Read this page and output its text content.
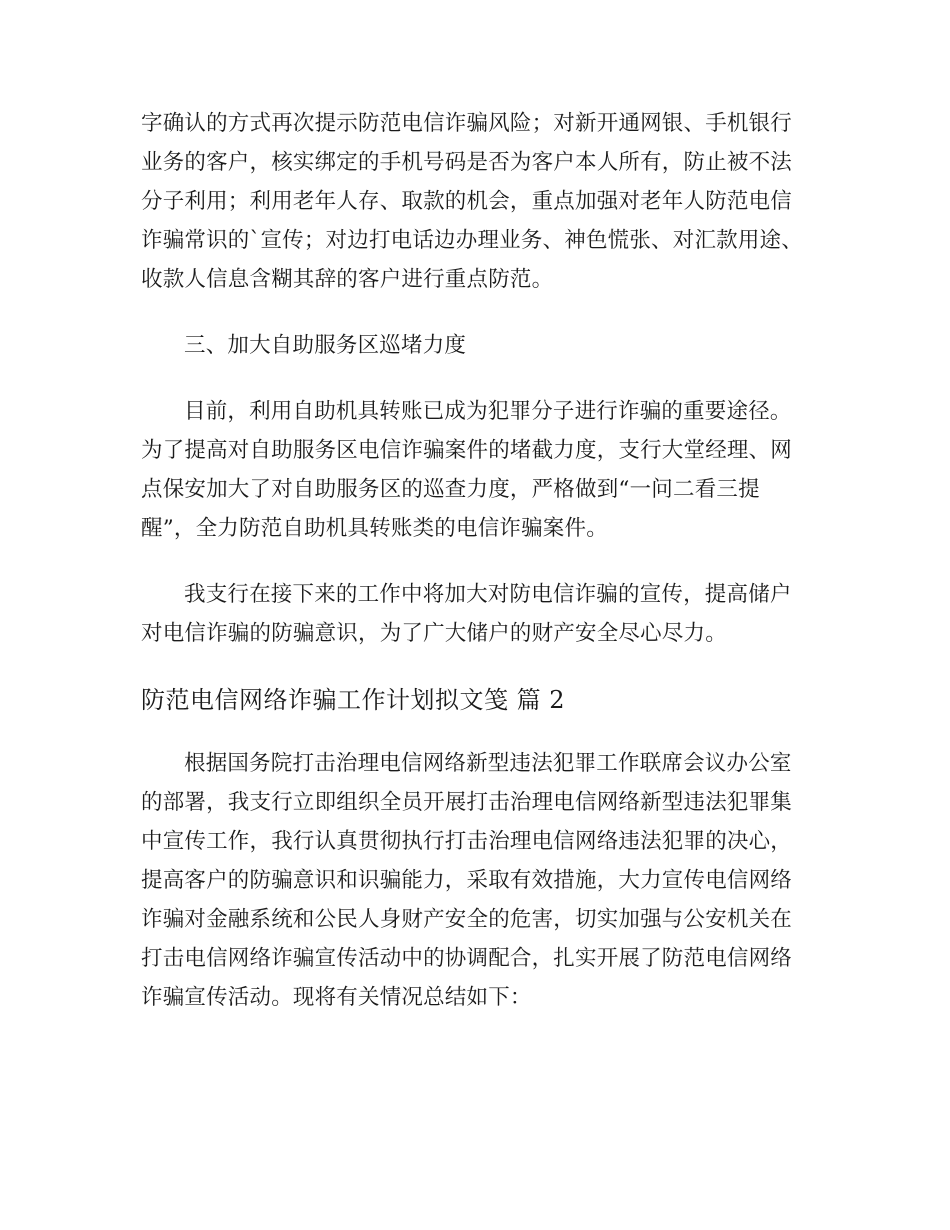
字确认的方式再次提示防范电信诈骗风险；对新开通网银、手机银行
业务的客户，核实绑定的手机号码是否为客户本人所有，防止被不法
分子利用；利用老年人存、取款的机会，重点加强对老年人防范电信
诈骗常识的`宣传；对边打电话边办理业务、神色慌张、对汇款用途、
收款人信息含糊其辞的客户进行重点防范。
三、加大自助服务区巡堵力度
目前，利用自助机具转账已成为犯罪分子进行诈骗的重要途径。
为了提高对自助服务区电信诈骗案件的堵截力度，支行大堂经理、网
点保安加大了对自助服务区的巡查力度，严格做到“一问二看三提
醒”，全力防范自助机具转账类的电信诈骗案件。
我支行在接下来的工作中将加大对防电信诈骗的宣传，提高储户
对电信诈骗的防骗意识，为了广大储户的财产安全尽心尽力。
防范电信网络诈骗工作计划拟文笺 篇 2
根据国务院打击治理电信网络新型违法犯罪工作联席会议办公室
的部署，我支行立即组织全员开展打击治理电信网络新型违法犯罪集
中宣传工作，我行认真贯彻执行打击治理电信网络违法犯罪的决心，
提高客户的防骗意识和识骗能力，采取有效措施，大力宣传电信网络
诈骗对金融系统和公民人身财产安全的危害，切实加强与公安机关在
打击电信网络诈骗宣传活动中的协调配合，扎实开展了防范电信网络
诈骗宣传活动。现将有关情况总结如下：
